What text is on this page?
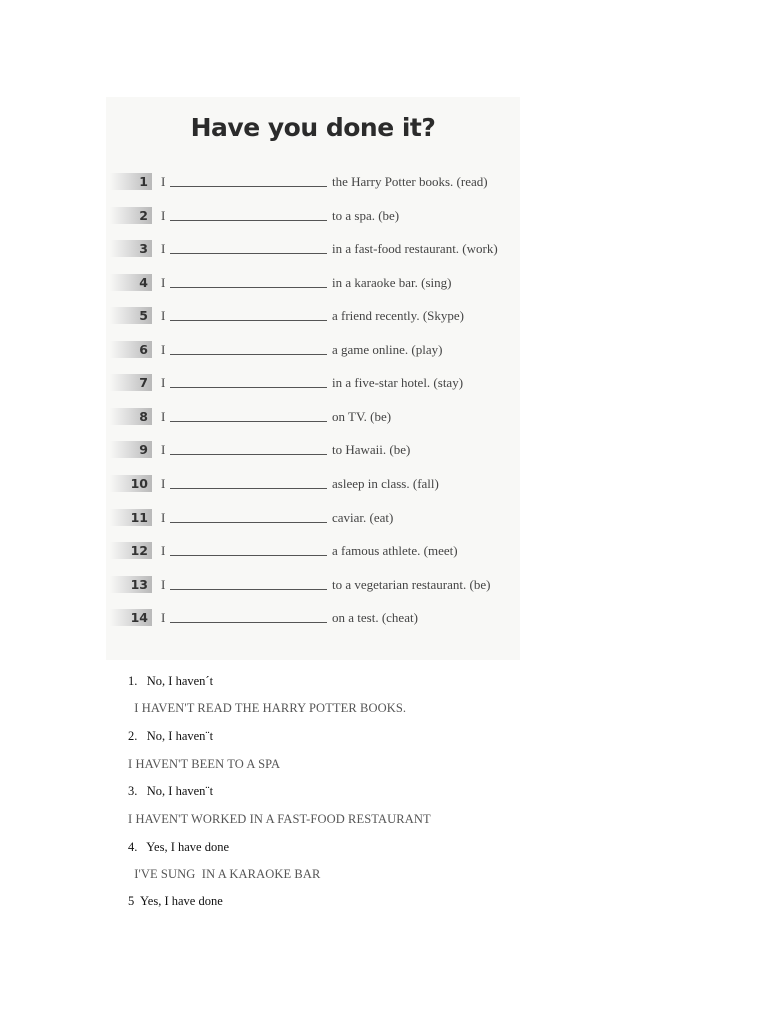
Have you done it?
1 I	the Harry Potter books. (read)
2 I	to a spa. (be)
3 I	in a fast-food restaurant. (work)
4 I	in a karaoke bar. (sing)
5 I	a friend recently. (Skype)
6 I	a game online. (play)
7 I	in a five-star hotel. (stay)
8 I	on TV. (be)
9 I	to Hawaii. (be)
10 I	asleep in class. (fall)
11 I	caviar. (eat)
12 I	a famous athlete. (meet)
13 I	to a vegetarian restaurant. (be)
14 I	on a test. (cheat)
1.   No, I haven´t
I HAVEN'T READ THE HARRY POTTER BOOKS.
2.   No, I haven¨t
I HAVEN'T BEEN TO A SPA
3.   No, I haven¨t
I HAVEN'T WORKED IN A FAST-FOOD RESTAURANT
4.   Yes, I have done
I'VE SUNG  IN A KARAOKE BAR
5  Yes, I have done
